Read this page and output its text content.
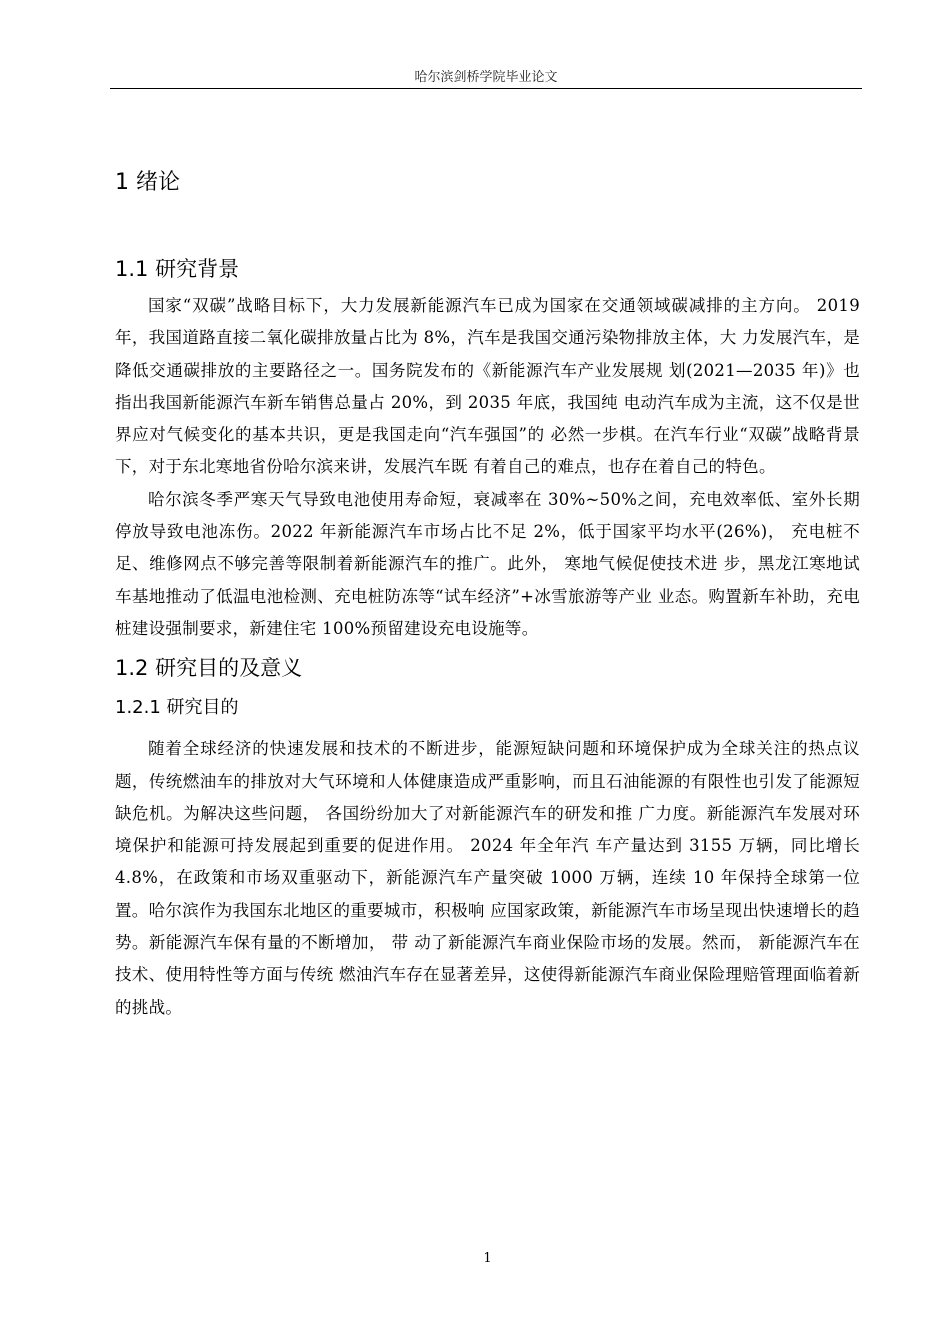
哈尔滨剑桥学院毕业论文
1 绪论
1.1 研究背景

国家“双碳”战略目标下，大力发展新能源汽车已成为国家在交通领域碳减排的主方向。 2019 年，我国道路直接二氧化碳排放量占比为 8%，汽车是我国交通污染物排放主体，大 力发展汽车，是降低交通碳排放的主要路径之一。国务院发布的《新能源汽车产业发展规 划(2021—2035 年)》也指出我国新能源汽车新车销售总量占 20%，到 2035 年底，我国纯 电动汽车成为主流，这不仅是世界应对气候变化的基本共识，更是我国走向“汽车强国”的 必然一步棋。在汽车行业“双碳”战略背景下，对于东北寒地省份哈尔滨来讲，发展汽车既 有着自己的难点，也存在着自己的特色。

哈尔滨冬季严寒天气导致电池使用寿命短，衰减率在 30%~50%之间，充电效率低、室外长期停放导致电池冻伤。2022 年新能源汽车市场占比不足 2%，低于国家平均水平(26%)， 充电桩不足、维修网点不够完善等限制着新能源汽车的推广。此外， 寒地气候促使技术进 步，黑龙江寒地试车基地推动了低温电池检测、充电桩防冻等“试车经济”+冰雪旅游等产业 业态。购置新车补助，充电桩建设强制要求，新建住宅 100%预留建设充电设施等。

1.2 研究目的及意义
1.2.1 研究目的

随着全球经济的快速发展和技术的不断进步，能源短缺问题和环境保护成为全球关注的热点议题，传统燃油车的排放对大气环境和人体健康造成严重影响，而且石油能源的有限性也引发了能源短缺危机。为解决这些问题， 各国纷纷加大了对新能源汽车的研发和推 广力度。新能源汽车发展对环境保护和能源可持发展起到重要的促进作用。 2024 年全年汽 车产量达到 3155 万辆，同比增长 4.8%，在政策和市场双重驱动下，新能源汽车产量突破 1000 万辆，连续 10 年保持全球第一位置。哈尔滨作为我国东北地区的重要城市，积极响 应国家政策，新能源汽车市场呈现出快速增长的趋势。新能源汽车保有量的不断增加， 带 动了新能源汽车商业保险市场的发展。然而， 新能源汽车在技术、使用特性等方面与传统 燃油汽车存在显著差异，这使得新能源汽车商业保险理赔管理面临着新的挑战。

1
